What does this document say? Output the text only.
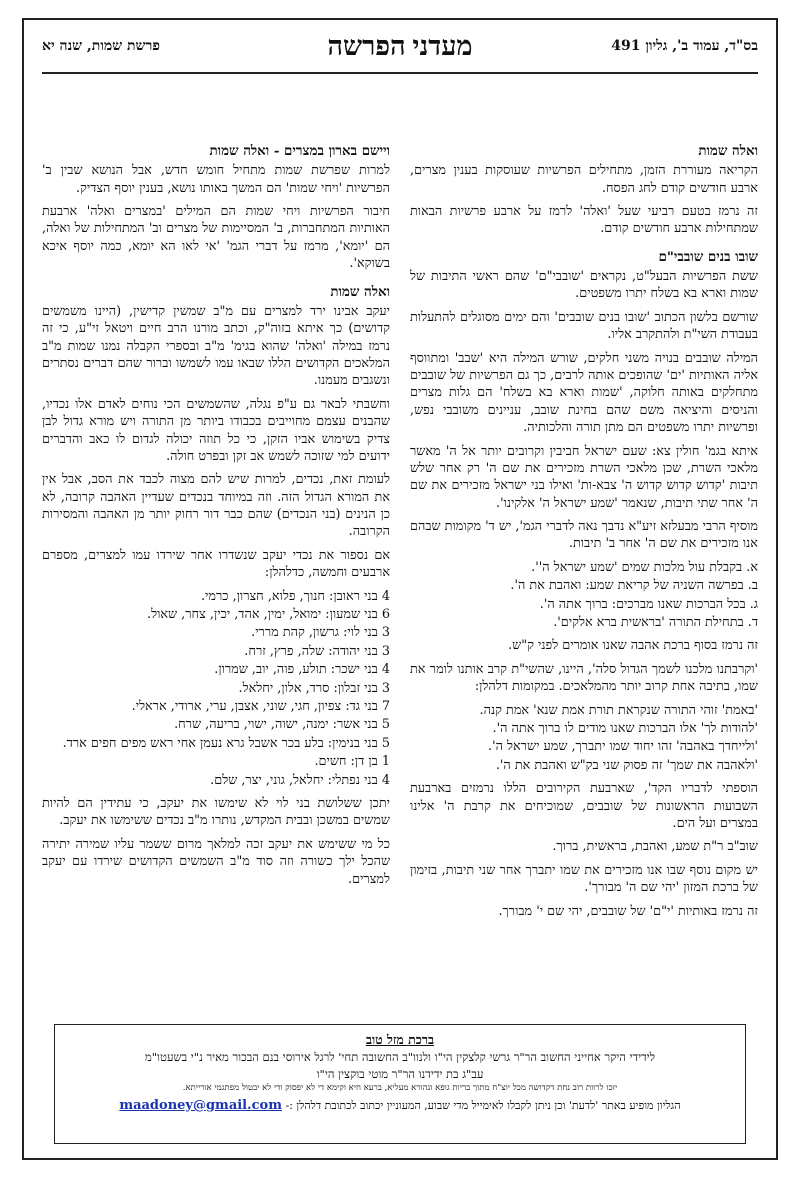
בס"ד, עמוד ב', גליון 491
מעדני הפרשה
פרשת שמות, שנה יא
ואלה שמות

הקריאה מעוררת הזמן, מתחילים הפרשיות שעוסקות בענין מצרים, ארבע חודשים קודם לחג הפסח.

זה נרמז בטעם רביעי שעל 'ואלה' לרמז על ארבע פרשיות הבאות שמתחילות ארבע חודשים קודם.

שובו בנים שובבי"ם

ששת הפרשיות הבעל"ט, נקראים 'שובבי"ם' שהם ראשי התיבות של שמות וארא בא בשלח יתרו משפטים.

שורשם בלשון הכתוב 'שובו בנים שובבים' והם ימים מסוגלים להתעלות בעבודת השי"ת ולהתקרב אליו.

המילה שובבים בנויה משני חלקים, שורש המילה היא 'שבב' ומתווסף אליה האותיות 'ים' שהופכים אותה לרבים, כך גם הפרשיות של שובבים מתחלקים באותה חלוקה, 'שמות וארא בא בשלח' הם גלות מצרים והניסים והיציאה משם שהם בחינת שובב, עניינים משובבי נפש, ופרשיות יתרו משפטים הם מתן תורה והלכותיה.

איתא בגמ' חולין צא: שעם ישראל חביבין וקרובים יותר אל ה' מאשר מלאכי השרת, שכן מלאכי השרת מזכירים את שם ה' רק אחר שלש תיבות 'קדוש קדוש קדוש ה' צבא-ות' ואילו בני ישראל מזכירים את שם ה' אחר שתי תיבות, שנאמר 'שמע ישראל ה' אלקינו'.

מוסיף הרבי מבעלזא זיע"א נדבך נאה לדברי הגמ', יש ד' מקומות שבהם אנו מזכירים את שם ה' אחר ב' תיבות.

א. בקבלת עול מלכות שמים 'שמע ישראל ה''.
ב. בפרשה השניה של קריאת שמע: ואהבת את ה'.
ג. בכל הברכות שאנו מברכים: ברוך אתה ה'.

ד. בתחילת התורה 'בראשית ברא אלקים'.

זה נרמז בסוף ברכת אהבה שאנו אומרים לפני ק"ש.

'וקרבתנו מלכנו לשמך הגדול סלה', היינו, שהשי"ת קרב אותנו לומר את שמו, בתיבה אחת קרוב יותר מהמלאכים. במקומות דלהלן:

'באמת' זוהי התורה שנקראת תורת אמת שנא' אמת קנה.
'להודות לך' אלו הברכות שאנו מודים לו ברוך אתה ה'.
'ולייחדך באהבה' זהו יחוד שמו יתברך, שמע ישראל ה'.

'ולאהבה את שמך' זה פסוק שני בק"ש ואהבת את ה'.

הוספתי לדבריו הקד', שארבעת הקירובים הללו נרמזים בארבעת השבועות הראשונות של שובבים, שמוכיחים את קרבת ה' אלינו במצרים ועל הים.

שוב"ב ר"ת שמע, ואהבת, בראשית, ברוך.

יש מקום נוסף שבו אנו מזכירים את שמו יתברך אחר שני תיבות, בזימון של ברכת המזון 'יהי שם ה' מבורך'.

זה נרמז באותיות 'י"ם' של שובבים, יהי שם י' מבורך.

ויישם בארון במצרים - ואלה שמות

למרות שפרשת שמות מתחיל חומש חדש, אבל הנושא שבין ב' הפרשיות 'ויחי שמות' הם המשך באותו נושא, בענין יוסף הצדיק.

חיבור הפרשיות ויחי שמות הם המילים 'במצרים ואלה' ארבעת האותיות המתחברות, ב' המסיימות של מצרים וב' המתחילות של ואלה, הם 'יומא', מרמז על דברי הגמ' 'אי לאו הא יומא, כמה יוסף איכא בשוקא'.

ואלה שמות

יעקב אבינו ירד למצרים עם מ"ב שמשין קדישין, (היינו משמשים קדושים) כך איתא בזוה"ק, וכתב מורנו הרב חיים ויטאל זי"ע, כי זה נרמז במילה 'ואלה' שהוא בגימ' מ"ב ובספרי הקבלה נמנו שמות מ"ב המלאכים הקדושים הללו שבאו עמו לשמשו וברור שהם דברים נסתרים ונשגבים מעמנו.

וחשבתי לבאר גם ע"פ נגלה, שהשמשים הכי נוחים לאדם אלו נכדיו, שהבנים עצמם מחוייבים בכבודו ביותר מן התורה ויש מורא גדול לבן צדיק בשימוש אביו הזקן, כי כל תוזה יכולה לגדום לו כאב והדברים ידועים למי שזוכה לשמש אב זקן ובפרט חולה.

לעומת זאת, נכדים, למרות שיש להם מצוה לכבד את הסב, אבל אין את המורא הגדול הזה. וזה במיוחד בנכדים שעדיין האהבה קרובה, לא כן הנינים (בני הנכדים) שהם כבר דור רחוק יותר מן האהבה והמסירות הקרובה.

אם נספור את נכדי יעקב שנשדרו אחר שירדו עמו למצרים, מספרם ארבעים וחמשה, כדלהלן:

4 בני ראובן: חנוך, פלוא, חצרון, כרמי.
6 בני שמעון: ימואל, ימין, אהד, יכין, צחר, שאול.
3 בני לוי: גרשון, קהת מררי.
3 בני יהודה: שלה, פרץ, זרח.
4 בני ישכר: תולע, פוה, יוב, שמרון.
3 בני זבלון: סרד, אלון, יחלאל.
7 בני גד: צפיון, חגי, שוני, אצבן, ערי, ארודי, אראלי.
5 בני אשר: ימנה, ישוה, ישוי, בריעה, שרח.
5 בני בנימין: בלע בכר אשבל גרא נעמן אחי ראש מפים חפים ארד.
1 בן דן: חשים.

4 בני נפתלי: יחלאל, גוני, יצר, שלם.

יתכן ששלושת בני לוי לא שימשו את יעקב, כי עתידין הם להיות שמשים במשכן ובבית המקדש, נותרו מ"ב נכדים ששימשו את יעקב.

כל מי ששימש את יעקב זכה למלאך מרום ששמר עליו שמירה יתירה שהכל ילך כשורה וזה סוד מ"ב השמשים הקדושים שירדו עם יעקב למצרים.

ברכת מזל טוב
לידידי היקר אחייני החשוב הר"ר גרשי קלצקין הי"ו ולנוו"ב החשובה תחי' לרגל אירוסי בנם הבכור מאיר נ"י בשעטו"מ
עב"ג בת ידידנו הר"ר מוטי בוקצין הי"ו
יזכו לרוות רוב נחת דקדושה מכל יוצ"ח מתוך בריות גופא ונהורא מעליא, ברעא חיא וקימא די לא יפסוק ודי לא יבטול מפתגמי אורייתא.
הגליון מופיע באתר 'לדעת' וכן ניתן לקבלו לאימייל מדי שבוע, המעוניין יכתוב לכתובת דלהלן :- maadoney@gmail.com
